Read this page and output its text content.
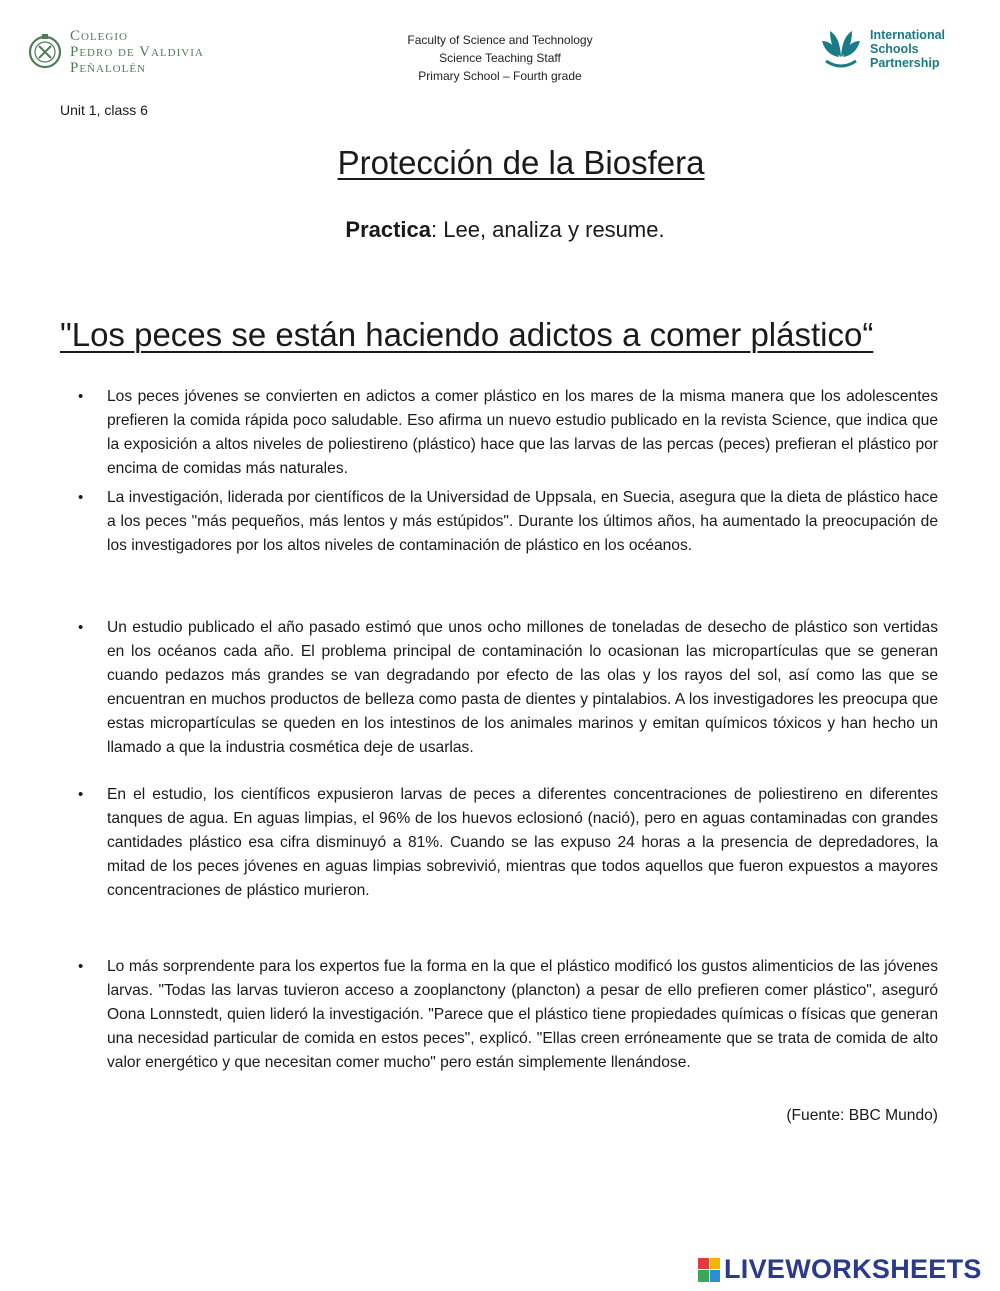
Colegio
Pedro de Valdivia
Peñalolén
Faculty of Science and Technology
Science Teaching Staff
Primary School – Fourth grade
International
Schools
Partnership
Unit 1, class 6
Protección de la Biosfera
Practica: Lee, analiza y resume.
"Los peces se están haciendo adictos a comer plástico“
•	Los peces jóvenes se convierten en adictos a comer plástico en los mares de la misma manera que los adolescentes prefieren la comida rápida poco saludable. Eso afirma un nuevo estudio publicado en la revista Science, que indica que la exposición a altos niveles de poliestireno (plástico) hace que las larvas de las percas (peces) prefieran el plástico por encima de comidas más naturales.
•	La investigación, liderada por científicos de la Universidad de Uppsala, en Suecia, asegura que la dieta de plástico hace a los peces "más pequeños, más lentos y más estúpidos". Durante los últimos años, ha aumentado la preocupación de los investigadores por los altos niveles de contaminación de plástico en los océanos.
•	Un estudio publicado el año pasado estimó que unos ocho millones de toneladas de desecho de plástico son vertidas en los océanos cada año. El problema principal de contaminación lo ocasionan las micropartículas que se generan cuando pedazos más grandes se van degradando por efecto de las olas y los rayos del sol, así como las que se encuentran en muchos productos de belleza como pasta de dientes y pintalabios. A los investigadores les preocupa que estas micropartículas se queden en los intestinos de los animales marinos y emitan químicos tóxicos y han hecho un llamado a que la industria cosmética deje de usarlas.
•	En el estudio, los científicos expusieron larvas de peces a diferentes concentraciones de poliestireno en diferentes tanques de agua. En aguas limpias, el 96% de los huevos eclosionó (nació), pero en aguas contaminadas con grandes cantidades plástico esa cifra disminuyó a 81%. Cuando se las expuso 24 horas a la presencia de depredadores, la mitad de los peces jóvenes en aguas limpias sobrevivió, mientras que todos aquellos que fueron expuestos a mayores concentraciones de plástico murieron.
•	Lo más sorprendente para los expertos fue la forma en la que el plástico modificó los gustos alimenticios de las jóvenes larvas. "Todas las larvas tuvieron acceso a zooplanctony (plancton) a pesar de ello prefieren comer plástico", aseguró Oona Lonnstedt, quien lideró la investigación. "Parece que el plástico tiene propiedades químicas o físicas que generan una necesidad particular de comida en estos peces", explicó. "Ellas creen erróneamente que se trata de comida de alto valor energético y que necesitan comer mucho" pero están simplemente llenándose.
(Fuente: BBC Mundo)
LIVEWORKSHEETS
